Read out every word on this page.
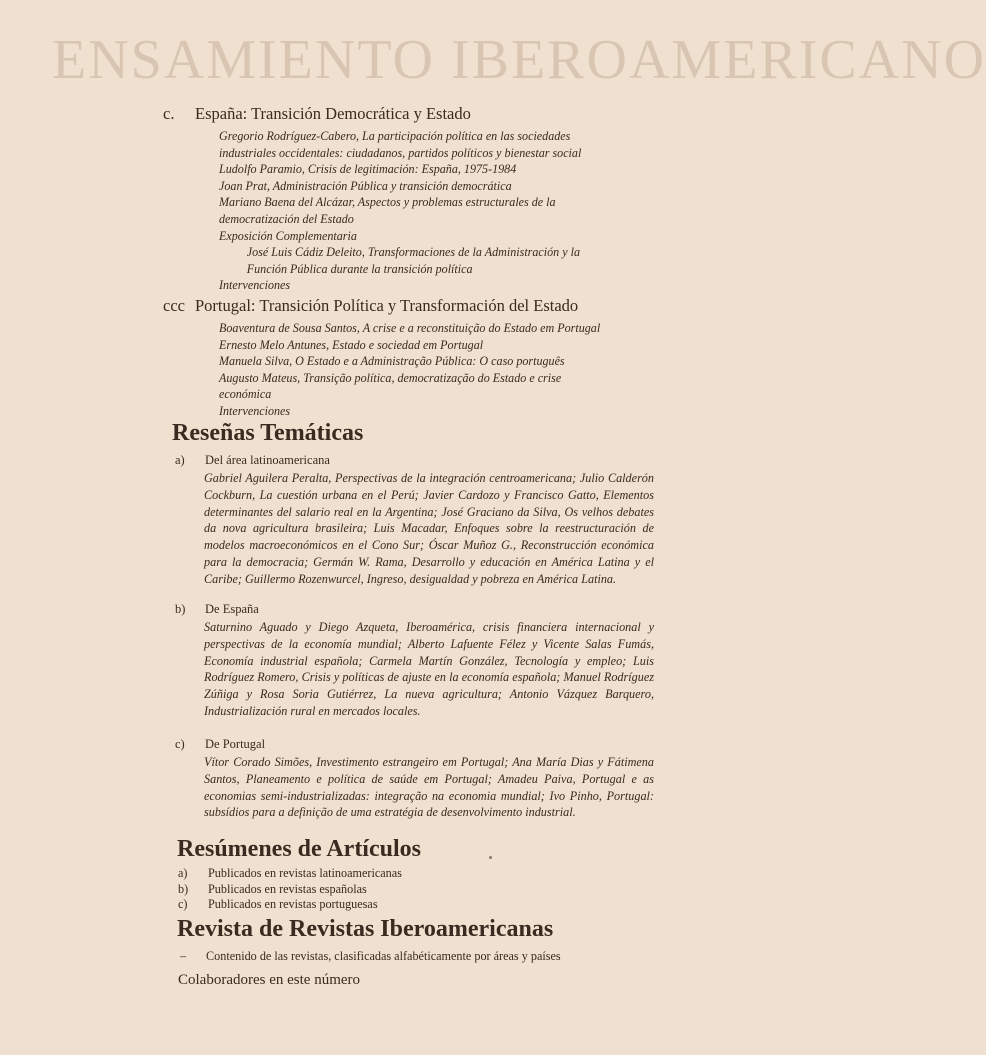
ENSAMIENTO IBEROAMERICANO
c. España: Transición Democrática y Estado
Gregorio Rodríguez-Cabero, La participación política en las sociedades
industriales occidentales: ciudadanos, partidos políticos y bienestar social
Ludolfo Paramio, Crisis de legitimación: España, 1975-1984
Joan Prat, Administración Pública y transición democrática
Mariano Baena del Alcázar, Aspectos y problemas estructurales de la
democratización del Estado
Exposición Complementaria
José Luis Cádiz Deleito, Transformaciones de la Administración y la
Función Pública durante la transición política
Intervenciones
ccc Portugal: Transición Política y Transformación del Estado
Boaventura de Sousa Santos, A crise e a reconstituição do Estado em Portugal
Ernesto Melo Antunes, Estado e sociedad em Portugal
Manuela Silva, O Estado e a Administração Pública: O caso português
Augusto Mateus, Transição política, democratização do Estado e crise
económica
Intervenciones
Reseñas Temáticas
a) Del área latinoamericana
Gabriel Aguilera Peralta, Perspectivas de la integración centroamericana; Julio Calderón Cockburn, La cuestión urbana en el Perú; Javier Cardozo y Francisco Gatto, Elementos determinantes del salario real en la Argentina; José Graciano da Silva, Os velhos debates da nova agricultura brasileira; Luis Macadar, Enfoques sobre la reestructuración de modelos macroeconómicos en el Cono Sur; Óscar Muñoz G., Reconstrucción económica para la democracia; Germán W. Rama, Desarrollo y educación en América Latina y el Caribe; Guillermo Rozenwurcel, Ingreso, desigualdad y pobreza en América Latina.
b) De España
Saturnino Aguado y Diego Azqueta, Iberoamérica, crisis financiera internacional y perspectivas de la economía mundial; Alberto Lafuente Félez y Vicente Salas Fumás, Economía industrial española; Carmela Martín González, Tecnología y empleo; Luis Rodríguez Romero, Crisis y políticas de ajuste en la economía española; Manuel Rodríguez Zúñiga y Rosa Soria Gutiérrez, La nueva agricultura; Antonio Vázquez Barquero, Industrialización rural en mercados locales.
c) De Portugal
Vítor Corado Simões, Investimento estrangeiro em Portugal; Ana María Dias y Fátimena Santos, Planeamento e política de saúde em Portugal; Amadeu Paiva, Portugal e as economias semi-industrializadas: integração na economia mundial; Ivo Pinho, Portugal: subsídios para a definição de uma estratégia de desenvolvimento industrial.
Resúmenes de Artículos
a) Publicados en revistas latinoamericanas
b) Publicados en revistas españolas
c) Publicados en revistas portuguesas
Revista de Revistas Iberoamericanas
– Contenido de las revistas, clasificadas alfabéticamente por áreas y países
Colaboradores en este número
